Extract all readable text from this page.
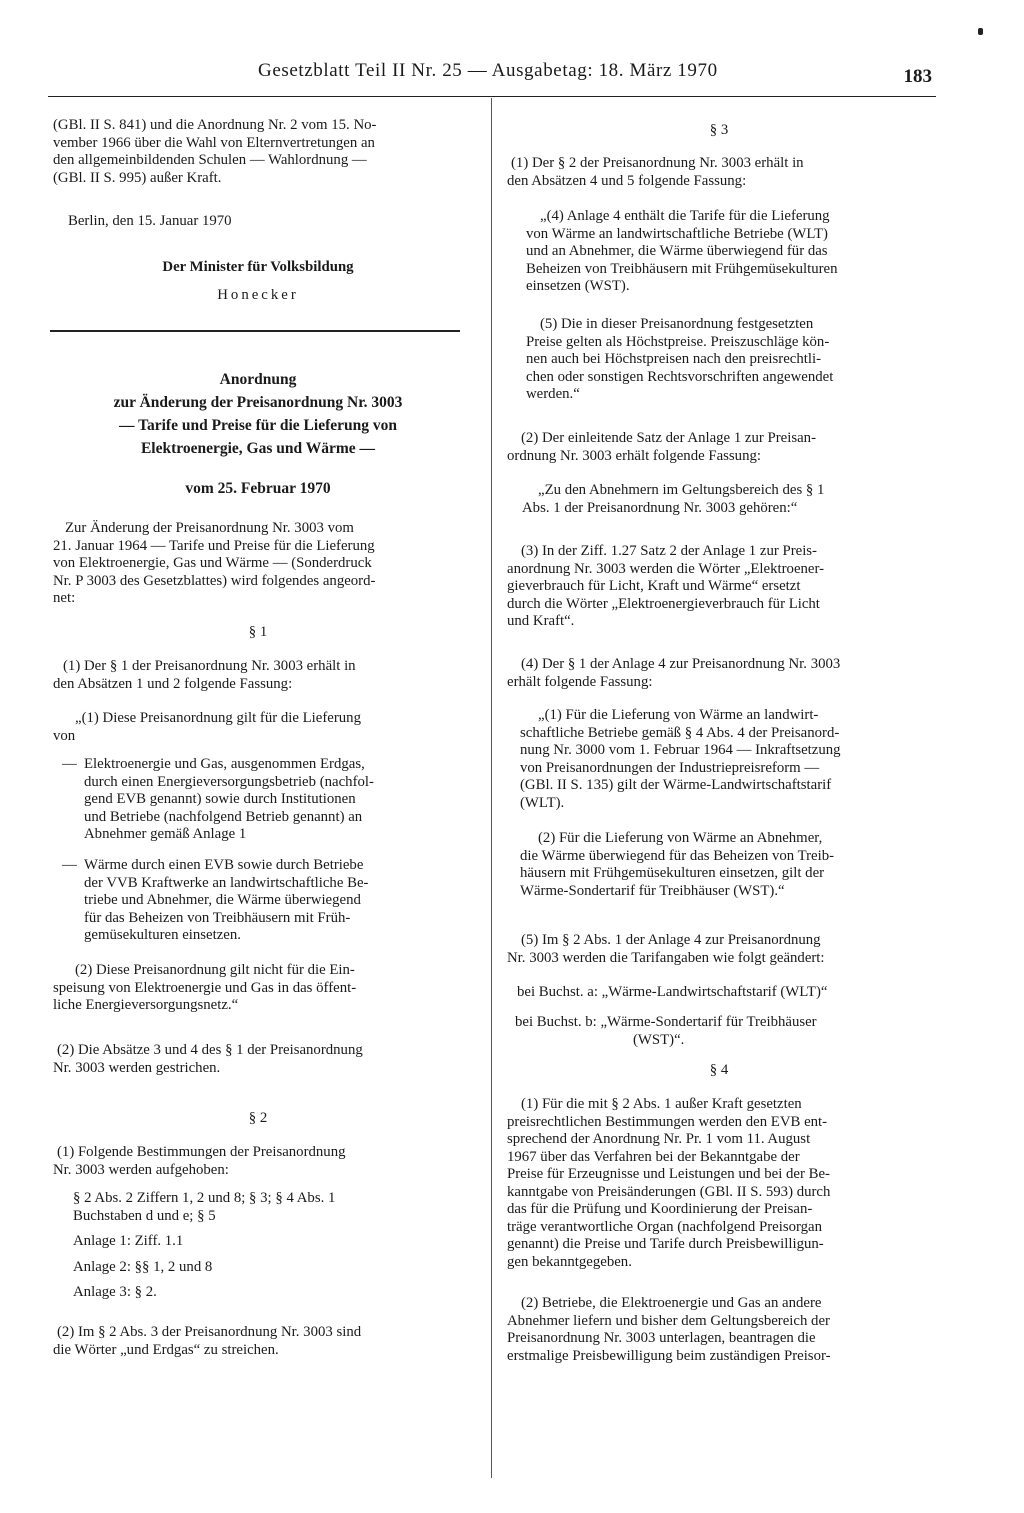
Gesetzblatt Teil II Nr. 25 — Ausgabetag: 18. März 1970	183

(GBl. II S. 841) und die Anordnung Nr. 2 vom 15. No-

vember 1966 über die Wahl von Elternvertretungen an

den allgemeinbildenden Schulen — Wahlordnung —

(GBl. II S. 995) außer Kraft.

Berlin, den 15. Januar 1970

Der Minister für Volksbildung

Honecker

Anordnung

zur Änderung der Preisanordnung Nr. 3003

— Tarife und Preise für die Lieferung von

Elektroenergie, Gas und Wärme —

vom 25. Februar 1970

Zur Änderung der Preisanordnung Nr. 3003 vom

21. Januar 1964 — Tarife und Preise für die Lieferung

von Elektroenergie, Gas und Wärme — (Sonderdruck

Nr. P 3003 des Gesetzblattes) wird folgendes angeord-

net:

§ 1

(1) Der § 1 der Preisanordnung Nr. 3003 erhält in

den Absätzen 1 und 2 folgende Fassung:

„(1) Diese Preisanordnung gilt für die Lieferung

von

— Elektroenergie und Gas, ausgenommen Erdgas,

durch einen Energieversorgungsbetrieb (nachfol-

gend EVB genannt) sowie durch Institutionen

und Betriebe (nachfolgend Betrieb genannt) an

Abnehmer gemäß Anlage 1

— Wärme durch einen EVB sowie durch Betriebe

der VVB Kraftwerke an landwirtschaftliche Be-

triebe und Abnehmer, die Wärme überwiegend

für das Beheizen von Treibhäusern mit Früh-

gemüsekulturen einsetzen.

(2) Diese Preisanordnung gilt nicht für die Ein-

speisung von Elektroenergie und Gas in das öffent-

liche Energieversorgungsnetz.“

(2) Die Absätze 3 und 4 des § 1 der Preisanordnung

Nr. 3003 werden gestrichen.

§ 2

(1) Folgende Bestimmungen der Preisanordnung

Nr. 3003 werden aufgehoben:

§ 2 Abs. 2 Ziffern 1, 2 und 8; § 3; § 4 Abs. 1

Buchstaben d und e; § 5

Anlage 1: Ziff. 1.1

Anlage 2: §§ 1, 2 und 8

Anlage 3: § 2.

(2) Im § 2 Abs. 3 der Preisanordnung Nr. 3003 sind

die Wörter „und Erdgas“ zu streichen.

§ 3

(1) Der § 2 der Preisanordnung Nr. 3003 erhält in

den Absätzen 4 und 5 folgende Fassung:

„(4) Anlage 4 enthält die Tarife für die Lieferung

von Wärme an landwirtschaftliche Betriebe (WLT)

und an Abnehmer, die Wärme überwiegend für das

Beheizen von Treibhäusern mit Frühgemüsekulturen

einsetzen (WST).

(5) Die in dieser Preisanordnung festgesetzten

Preise gelten als Höchstpreise. Preiszuschläge kön-

nen auch bei Höchstpreisen nach den preisrechtli-

chen oder sonstigen Rechtsvorschriften angewendet

werden.“

(2) Der einleitende Satz der Anlage 1 zur Preisan-

ordnung Nr. 3003 erhält folgende Fassung:

„Zu den Abnehmern im Geltungsbereich des § 1

Abs. 1 der Preisanordnung Nr. 3003 gehören:“

(3) In der Ziff. 1.27 Satz 2 der Anlage 1 zur Preis-

anordnung Nr. 3003 werden die Wörter „Elektroener-

gieverbrauch für Licht, Kraft und Wärme“ ersetzt

durch die Wörter „Elektroenergieverbrauch für Licht

und Kraft“.

(4) Der § 1 der Anlage 4 zur Preisanordnung Nr. 3003

erhält folgende Fassung:

„(1) Für die Lieferung von Wärme an landwirt-

schaftliche Betriebe gemäß § 4 Abs. 4 der Preisanord-

nung Nr. 3000 vom 1. Februar 1964 — Inkraftsetzung

von Preisanordnungen der Industriepreisreform —

(GBl. II S. 135) gilt der Wärme-Landwirtschaftstarif

(WLT).

(2) Für die Lieferung von Wärme an Abnehmer,

die Wärme überwiegend für das Beheizen von Treib-

häusern mit Frühgemüsekulturen einsetzen, gilt der

Wärme-Sondertarif für Treibhäuser (WST).“

(5) Im § 2 Abs. 1 der Anlage 4 zur Preisanordnung

Nr. 3003 werden die Tarifangaben wie folgt geändert:

bei Buchst. a: „Wärme-Landwirtschaftstarif (WLT)“

bei Buchst. b: „Wärme-Sondertarif für Treibhäuser

(WST)“.

§ 4

(1) Für die mit § 2 Abs. 1 außer Kraft gesetzten

preisrechtlichen Bestimmungen werden den EVB ent-

sprechend der Anordnung Nr. Pr. 1 vom 11. August

1967 über das Verfahren bei der Bekanntgabe der

Preise für Erzeugnisse und Leistungen und bei der Be-

kanntgabe von Preisänderungen (GBl. II S. 593) durch

das für die Prüfung und Koordinierung der Preisan-

träge verantwortliche Organ (nachfolgend Preisorgan

genannt) die Preise und Tarife durch Preisbewilligun-

gen bekanntgegeben.

(2) Betriebe, die Elektroenergie und Gas an andere

Abnehmer liefern und bisher dem Geltungsbereich der

Preisanordnung Nr. 3003 unterlagen, beantragen die

erstmalige Preisbewilligung beim zuständigen Preisor-
